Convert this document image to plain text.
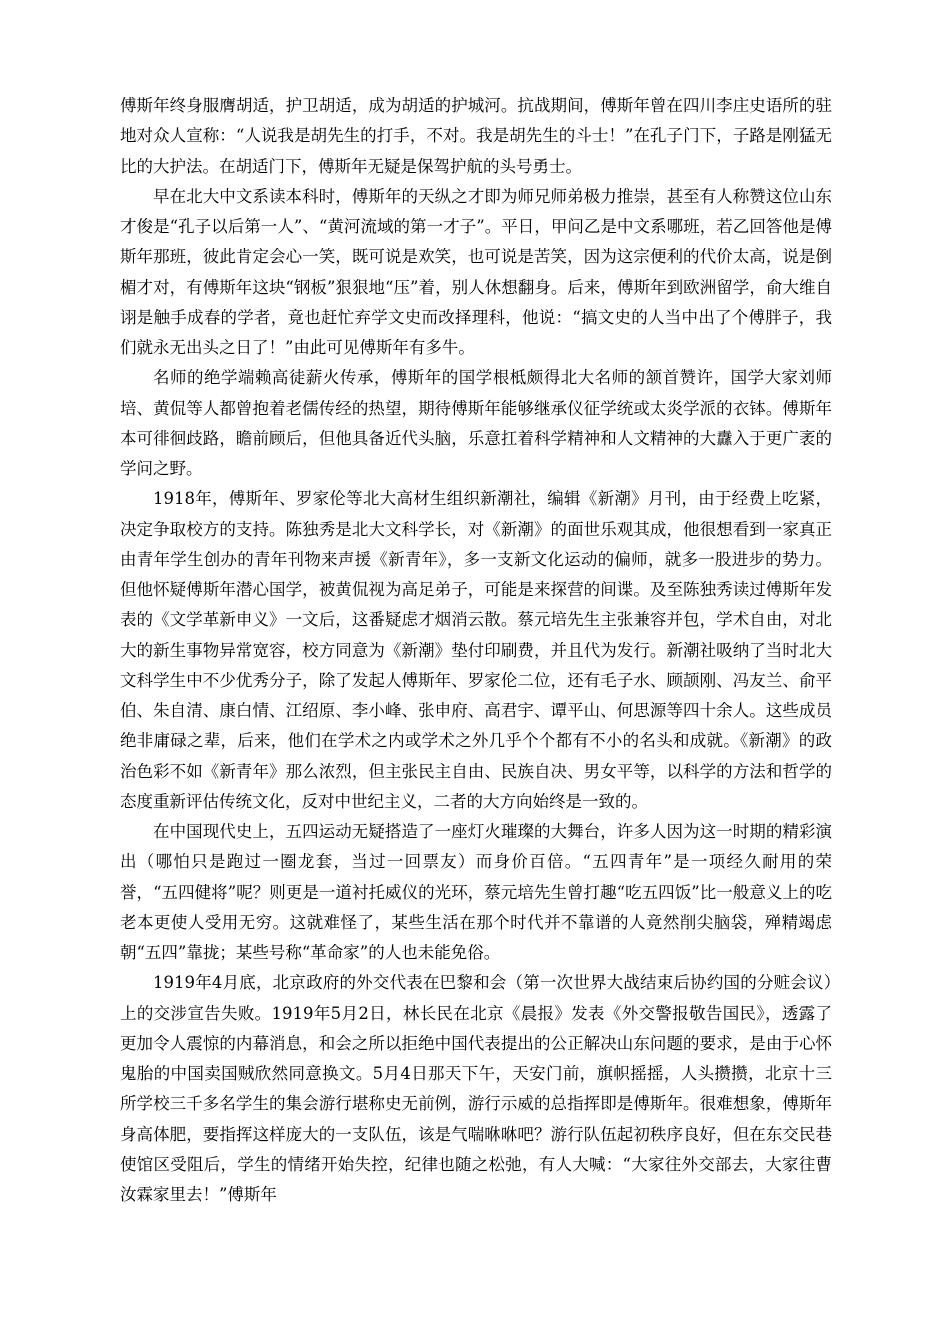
傅斯年终身服膺胡适，护卫胡适，成为胡适的护城河。抗战期间，傅斯年曾在四川李庄史语所的驻地对众人宣称：“人说我是胡先生的打手，不对。我是胡先生的斗士！”在孔子门下，子路是刚猛无比的大护法。在胡适门下，傅斯年无疑是保驾护航的头号勇士。

早在北大中文系读本科时，傅斯年的天纵之才即为师兄师弟极力推崇，甚至有人称赞这位山东才俊是“孔子以后第一人”、“黄河流域的第一才子”。平日，甲问乙是中文系哪班，若乙回答他是傅斯年那班，彼此肯定会心一笑，既可说是欢笑，也可说是苦笑，因为这宗便利的代价太高，说是倒楣才对，有傅斯年这块“钢板”狠狠地“压”着，别人休想翻身。后来，傅斯年到欧洲留学，俞大维自诩是触手成春的学者，竟也赶忙弃学文史而改择理科，他说：“搞文史的人当中出了个傅胖子，我们就永无出头之日了！”由此可见傅斯年有多牛。

名师的绝学端赖高徒薪火传承，傅斯年的国学根柢颇得北大名师的颔首赞许，国学大家刘师培、黄侃等人都曾抱着老儒传经的热望，期待傅斯年能够继承仪征学统或太炎学派的衣钵。傅斯年本可徘徊歧路，瞻前顾后，但他具备近代头脑，乐意扛着科学精神和人文精神的大纛入于更广袤的学问之野。

1918年，傅斯年、罗家伦等北大高材生组织新潮社，编辑《新潮》月刊，由于经费上吃紧，决定争取校方的支持。陈独秀是北大文科学长，对《新潮》的面世乐观其成，他很想看到一家真正由青年学生创办的青年刊物来声援《新青年》，多一支新文化运动的偏师，就多一股进步的势力。但他怀疑傅斯年潜心国学，被黄侃视为高足弟子，可能是来探营的间谍。及至陈独秀读过傅斯年发表的《文学革新申义》一文后，这番疑虑才烟消云散。蔡元培先生主张兼容并包，学术自由，对北大的新生事物异常宽容，校方同意为《新潮》垫付印刷费，并且代为发行。新潮社吸纳了当时北大文科学生中不少优秀分子，除了发起人傅斯年、罗家伦二位，还有毛子水、顾颉刚、冯友兰、俞平伯、朱自清、康白情、江绍原、李小峰、张申府、高君宇、谭平山、何思源等四十余人。这些成员绝非庸碌之辈，后来，他们在学术之内或学术之外几乎个个都有不小的名头和成就。《新潮》的政治色彩不如《新青年》那么浓烈，但主张民主自由、民族自决、男女平等，以科学的方法和哲学的态度重新评估传统文化，反对中世纪主义，二者的大方向始终是一致的。

在中国现代史上，五四运动无疑搭造了一座灯火璀璨的大舞台，许多人因为这一时期的精彩演出（哪怕只是跑过一圈龙套，当过一回票友）而身价百倍。“五四青年”是一项经久耐用的荣誉，“五四健将”呢？则更是一道衬托威仪的光环，蔡元培先生曾打趣“吃五四饭”比一般意义上的吃老本更使人受用无穷。这就难怪了，某些生活在那个时代并不靠谱的人竟然削尖脑袋，殚精竭虑朝“五四”靠拢；某些号称“革命家”的人也未能免俗。

1919年4月底，北京政府的外交代表在巴黎和会（第一次世界大战结束后协约国的分赃会议）上的交涉宣告失败。1919年5月2日，林长民在北京《晨报》发表《外交警报敬告国民》，透露了更加令人震惊的内幕消息，和会之所以拒绝中国代表提出的公正解决山东问题的要求，是由于心怀鬼胎的中国卖国贼欣然同意换文。5月4日那天下午，天安门前，旗帜摇摇，人头攒攒，北京十三所学校三千多名学生的集会游行堪称史无前例，游行示威的总指挥即是傅斯年。很难想象，傅斯年身高体肥，要指挥这样庞大的一支队伍，该是气喘咻咻吧？游行队伍起初秩序良好，但在东交民巷使馆区受阻后，学生的情绪开始失控，纪律也随之松弛，有人大喊：“大家往外交部去，大家往曹汝霖家里去！”傅斯年
